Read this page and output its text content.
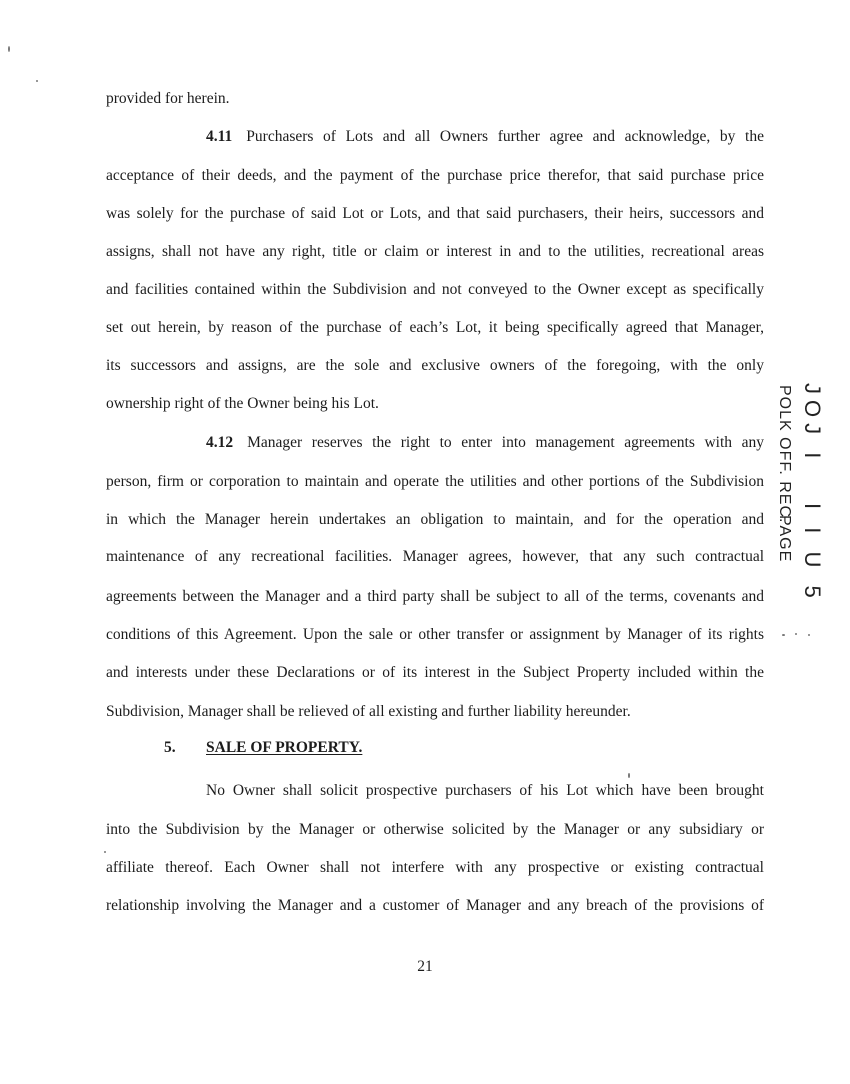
provided for herein.
4.11 Purchasers of Lots and all Owners further agree and acknowledge, by the
acceptance of their deeds, and the payment of the purchase price therefor, that said purchase price
was solely for the purchase of said Lot or Lots, and that said purchasers, their heirs, successors and
assigns, shall not have any right, title or claim or interest in and to the utilities, recreational areas
and facilities contained within the Subdivision and not conveyed to the Owner except as specifically
set out herein, by reason of the purchase of each’s Lot, it being specifically agreed that Manager,
its successors and assigns, are the sole and exclusive owners of the foregoing, with the only
ownership right of the Owner being his Lot.
4.12 Manager reserves the right to enter into management agreements with any
person, firm or corporation to maintain and operate the utilities and other portions of the Subdivision
in which the Manager herein undertakes an obligation to maintain, and for the operation and
maintenance of any recreational facilities. Manager agrees, however, that any such contractual
agreements between the Manager and a third party shall be subject to all of the terms, covenants and
conditions of this Agreement. Upon the sale or other transfer or assignment by Manager of its rights
and interests under these Declarations or of its interest in the Subject Property included within the
Subdivision, Manager shall be relieved of all existing and further liability hereunder.
5. SALE OF PROPERTY.
No Owner shall solicit prospective purchasers of his Lot which have been brought
into the Subdivision by the Manager or otherwise solicited by the Manager or any subsidiary or
affiliate thereof. Each Owner shall not interfere with any prospective or existing contractual
relationship involving the Manager and a customer of Manager and any breach of the provisions of
21
JOJ I
I I U 5
POLK OFF. REC.
PAGE
